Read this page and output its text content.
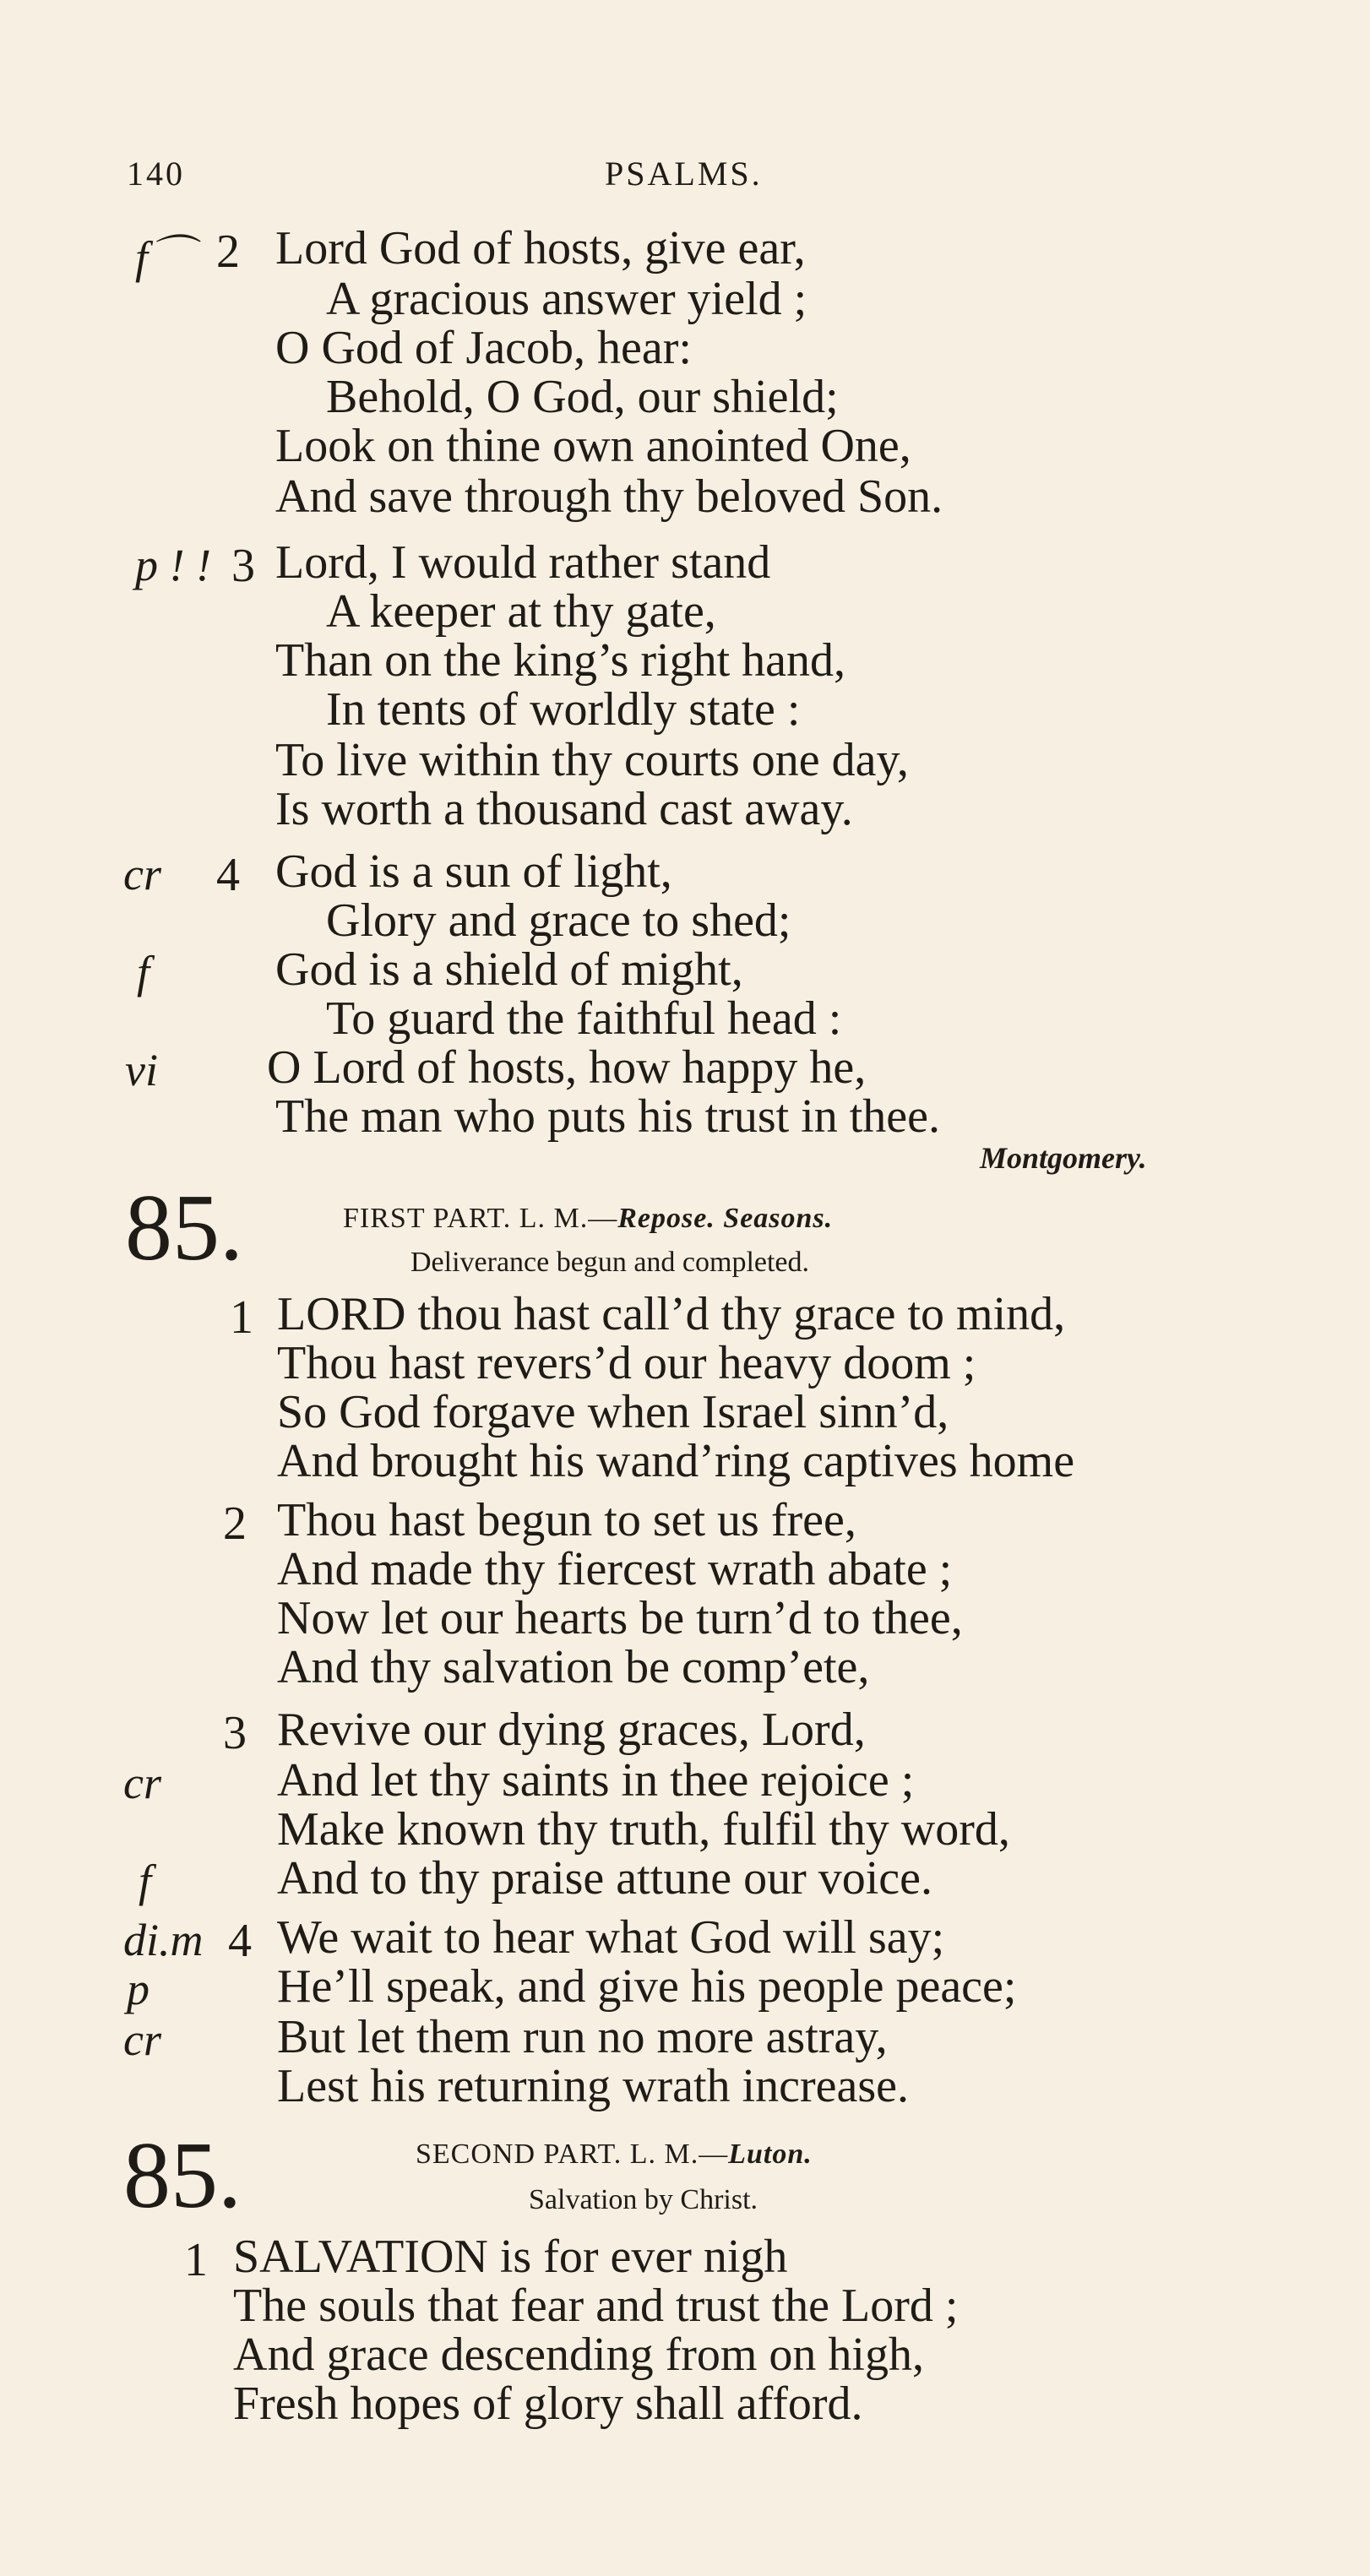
140	PSALMS.
f⌒ 2 Lord God of hosts, give ear,
A gracious answer yield ;
O God of Jacob, hear:
Behold, O God, our shield;
Look on thine own anointed One,
And save through thy beloved Son.
p ! ! 3 Lord, I would rather stand
A keeper at thy gate,
Than on the king’s right hand,
In tents of worldly state :
To live within thy courts one day,
Is worth a thousand cast away.
cr 4 God is a sun of light,
Glory and grace to shed;
f	God is a shield of might,
To guard the faithful head :
vi O Lord of hosts, how happy he,
The man who puts his trust in thee.
Montgomery.
85.	FIRST PART. L. M.—Repose. Seasons.
Deliverance begun and completed.
1 LORD thou hast call’d thy grace to mind,
Thou hast revers’d our heavy doom ;
So God forgave when Israel sinn’d,
And brought his wand’ring captives home
2 Thou hast begun to set us free,
And made thy fiercest wrath abate ;
Now let our hearts be turn’d to thee,
And thy salvation be comp’ete,
3 Revive our dying graces, Lord,
cr And let thy saints in thee rejoice ;
Make known thy truth, fulfil thy word,
f	And to thy praise attune our voice.
di.m 4 We wait to hear what God will say;
p	He’ll speak, and give his people peace;
cr But let them run no more astray,
Lest his returning wrath increase.
85.	SECOND PART. L. M.—Luton.
Salvation by Christ.
1 SALVATION is for ever nigh
The souls that fear and trust the Lord ;
And grace descending from on high,
Fresh hopes of glory shall afford.
